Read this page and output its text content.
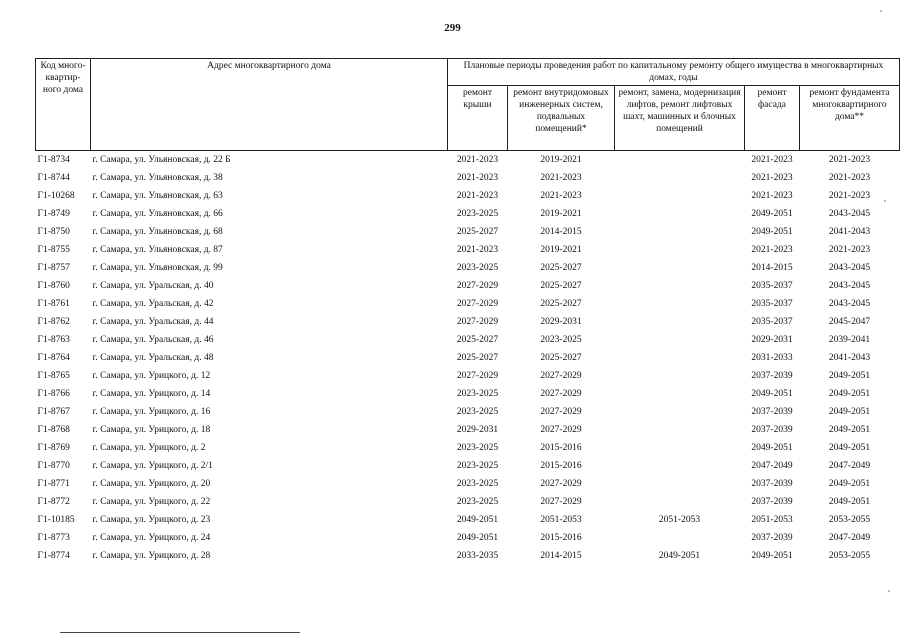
299
Код много-квартир-ного дома	Адрес многоквартирного дома	Плановые периоды проведения работ по капитальному ремонту общего имущества в многоквартирных домах, годы				
		ремонт крыши	ремонт внутридомовых инженерных систем, подвальных помещений*	ремонт, замена, модернизация лифтов, ремонт лифтовых шахт, машинных и блочных помещений	ремонт фасада	ремонт фундамента многоквартирного дома**
Г1-8734	г. Самара, ул. Ульяновская, д. 22 Б	2021-2023	2019-2021		2021-2023	2021-2023
Г1-8744	г. Самара, ул. Ульяновская, д. 38	2021-2023	2021-2023		2021-2023	2021-2023
Г1-10268	г. Самара, ул. Ульяновская, д. 63	2021-2023	2021-2023		2021-2023	2021-2023
Г1-8749	г. Самара, ул. Ульяновская, д. 66	2023-2025	2019-2021		2049-2051	2043-2045
Г1-8750	г. Самара, ул. Ульяновская, д. 68	2025-2027	2014-2015		2049-2051	2041-2043
Г1-8755	г. Самара, ул. Ульяновская, д. 87	2021-2023	2019-2021		2021-2023	2021-2023
Г1-8757	г. Самара, ул. Ульяновская, д. 99	2023-2025	2025-2027		2014-2015	2043-2045
Г1-8760	г. Самара, ул. Уральская, д. 40	2027-2029	2025-2027		2035-2037	2043-2045
Г1-8761	г. Самара, ул. Уральская, д. 42	2027-2029	2025-2027		2035-2037	2043-2045
Г1-8762	г. Самара, ул. Уральская, д. 44	2027-2029	2029-2031		2035-2037	2045-2047
Г1-8763	г. Самара, ул. Уральская, д. 46	2025-2027	2023-2025		2029-2031	2039-2041
Г1-8764	г. Самара, ул. Уральская, д. 48	2025-2027	2025-2027		2031-2033	2041-2043
Г1-8765	г. Самара, ул. Урицкого, д. 12	2027-2029	2027-2029		2037-2039	2049-2051
Г1-8766	г. Самара, ул. Урицкого, д. 14	2023-2025	2027-2029		2049-2051	2049-2051
Г1-8767	г. Самара, ул. Урицкого, д. 16	2023-2025	2027-2029		2037-2039	2049-2051
Г1-8768	г. Самара, ул. Урицкого, д. 18	2029-2031	2027-2029		2037-2039	2049-2051
Г1-8769	г. Самара, ул. Урицкого, д. 2	2023-2025	2015-2016		2049-2051	2049-2051
Г1-8770	г. Самара, ул. Урицкого, д. 2/1	2023-2025	2015-2016		2047-2049	2047-2049
Г1-8771	г. Самара, ул. Урицкого, д. 20	2023-2025	2027-2029		2037-2039	2049-2051
Г1-8772	г. Самара, ул. Урицкого, д. 22	2023-2025	2027-2029		2037-2039	2049-2051
Г1-10185	г. Самара, ул. Урицкого, д. 23	2049-2051	2051-2053	2051-2053	2051-2053	2053-2055
Г1-8773	г. Самара, ул. Урицкого, д. 24	2049-2051	2015-2016		2037-2039	2047-2049
Г1-8774	г. Самара, ул. Урицкого, д. 28	2033-2035	2014-2015	2049-2051	2049-2051	2053-2055
